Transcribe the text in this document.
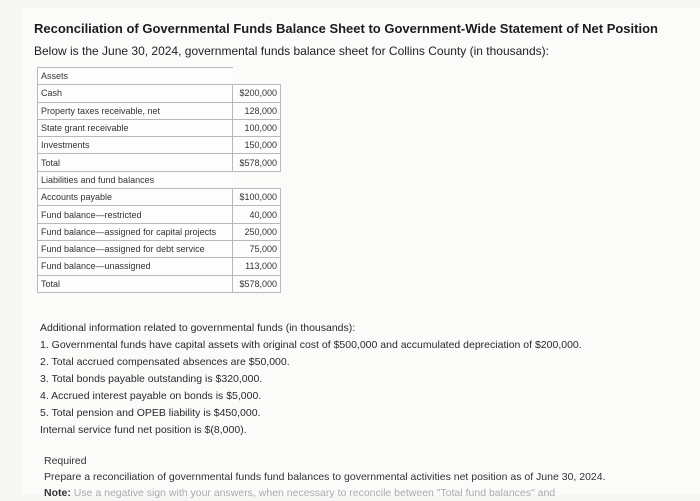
Reconciliation of Governmental Funds Balance Sheet to Government-Wide Statement of Net Position
Below is the June 30, 2024, governmental funds balance sheet for Collins County (in thousands):
Assets	
Cash	$200,000
Property taxes receivable, net	128,000
State grant receivable	100,000
Investments	150,000
Total	$578,000
Liabilities and fund balances	
Accounts payable	$100,000
Fund balance—restricted	40,000
Fund balance—assigned for capital projects	250,000
Fund balance—assigned for debt service	75,000
Fund balance—unassigned	113,000
Total	$578,000
Additional information related to governmental funds (in thousands):
1. Governmental funds have capital assets with original cost of $500,000 and accumulated depreciation of $200,000.
2. Total accrued compensated absences are $50,000.
3. Total bonds payable outstanding is $320,000.
4. Accrued interest payable on bonds is $5,000.
5. Total pension and OPEB liability is $450,000.
Internal service fund net position is $(8,000).
Required
Prepare a reconciliation of governmental funds fund balances to governmental activities net position as of June 30, 2024.
Note: Use a negative sign with your answers, when necessary to reconcile between "Total fund balances" and
